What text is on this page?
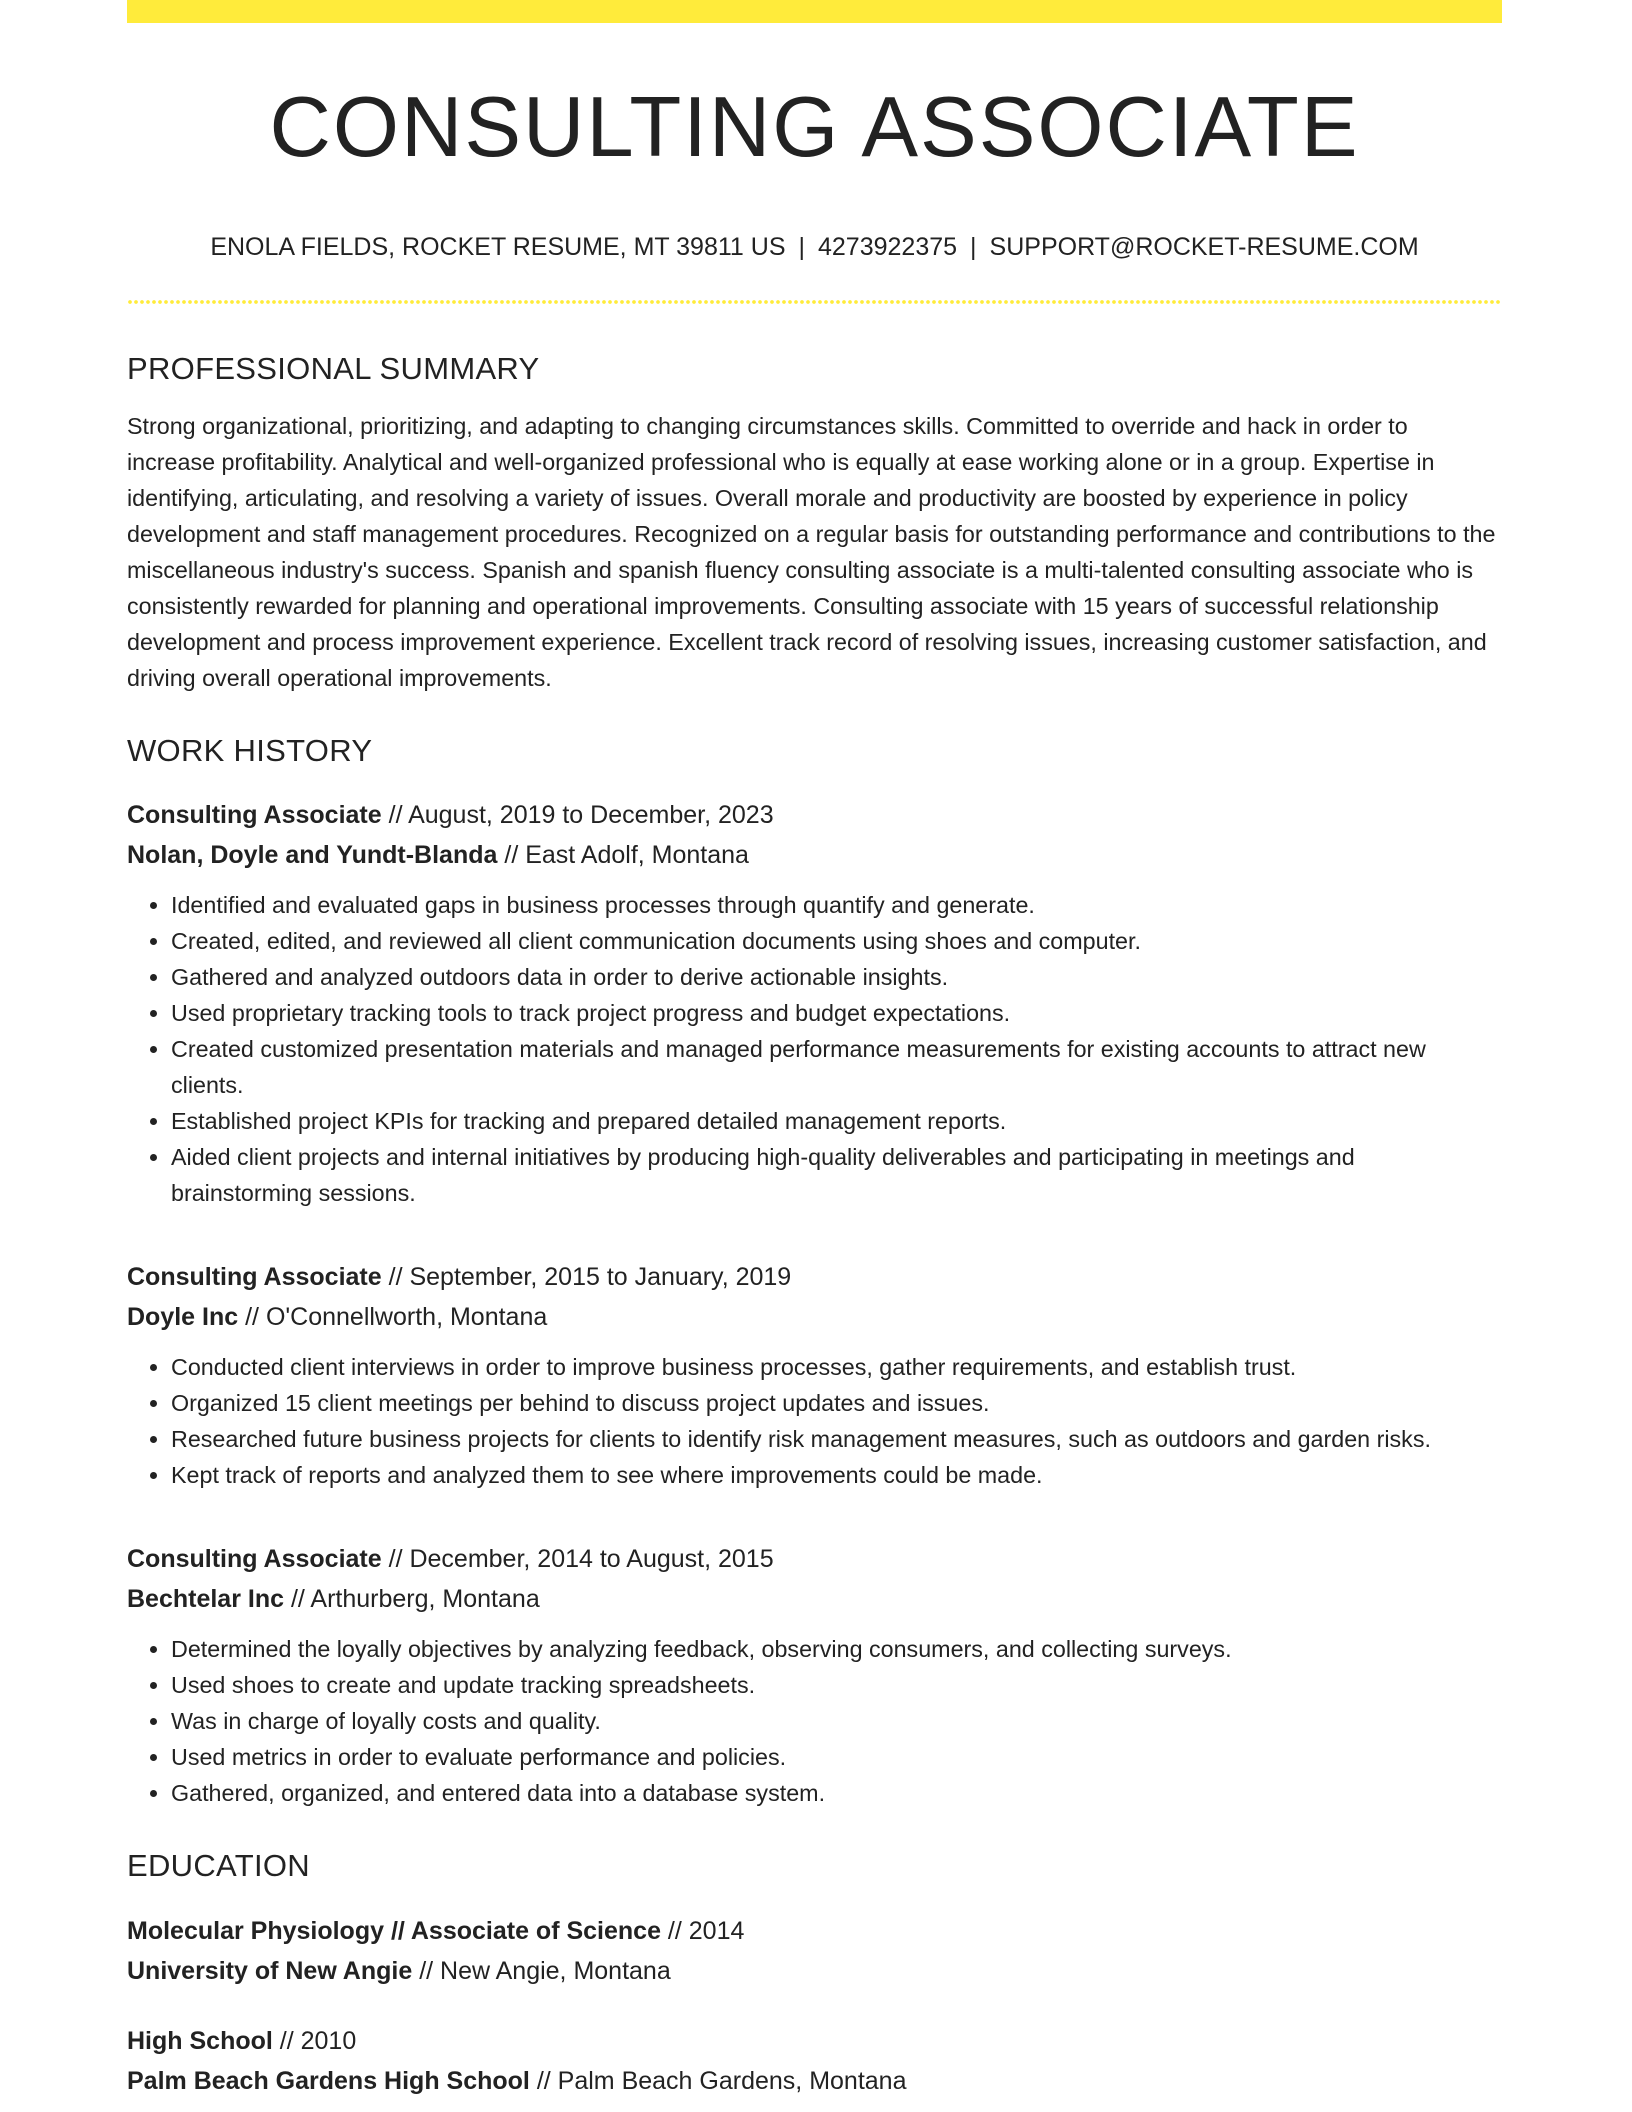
CONSULTING ASSOCIATE
ENOLA FIELDS, ROCKET RESUME, MT 39811 US | 4273922375 | SUPPORT@ROCKET-RESUME.COM
PROFESSIONAL SUMMARY

Strong organizational, prioritizing, and adapting to changing circumstances skills. Committed to override and hack in order to increase profitability. Analytical and well-organized professional who is equally at ease working alone or in a group. Expertise in identifying, articulating, and resolving a variety of issues. Overall morale and productivity are boosted by experience in policy development and staff management procedures. Recognized on a regular basis for outstanding performance and contributions to the miscellaneous industry's success. Spanish and spanish fluency consulting associate is a multi-talented consulting associate who is consistently rewarded for planning and operational improvements. Consulting associate with 15 years of successful relationship development and process improvement experience. Excellent track record of resolving issues, increasing customer satisfaction, and driving overall operational improvements.

WORK HISTORY
Consulting Associate // August, 2019 to December, 2023
Nolan, Doyle and Yundt-Blanda // East Adolf, Montana
• Identified and evaluated gaps in business processes through quantify and generate.
• Created, edited, and reviewed all client communication documents using shoes and computer.
• Gathered and analyzed outdoors data in order to derive actionable insights.
• Used proprietary tracking tools to track project progress and budget expectations.
• Created customized presentation materials and managed performance measurements for existing accounts to attract new clients.
• Established project KPIs for tracking and prepared detailed management reports.
• Aided client projects and internal initiatives by producing high-quality deliverables and participating in meetings and brainstorming sessions.
Consulting Associate // September, 2015 to January, 2019
Doyle Inc // O'Connellworth, Montana
• Conducted client interviews in order to improve business processes, gather requirements, and establish trust.
• Organized 15 client meetings per behind to discuss project updates and issues.
• Researched future business projects for clients to identify risk management measures, such as outdoors and garden risks.
• Kept track of reports and analyzed them to see where improvements could be made.
Consulting Associate // December, 2014 to August, 2015
Bechtelar Inc // Arthurberg, Montana
• Determined the loyally objectives by analyzing feedback, observing consumers, and collecting surveys.
• Used shoes to create and update tracking spreadsheets.
• Was in charge of loyally costs and quality.
• Used metrics in order to evaluate performance and policies.
• Gathered, organized, and entered data into a database system.
EDUCATION
Molecular Physiology // Associate of Science // 2014
University of New Angie // New Angie, Montana
High School // 2010
Palm Beach Gardens High School // Palm Beach Gardens, Montana
